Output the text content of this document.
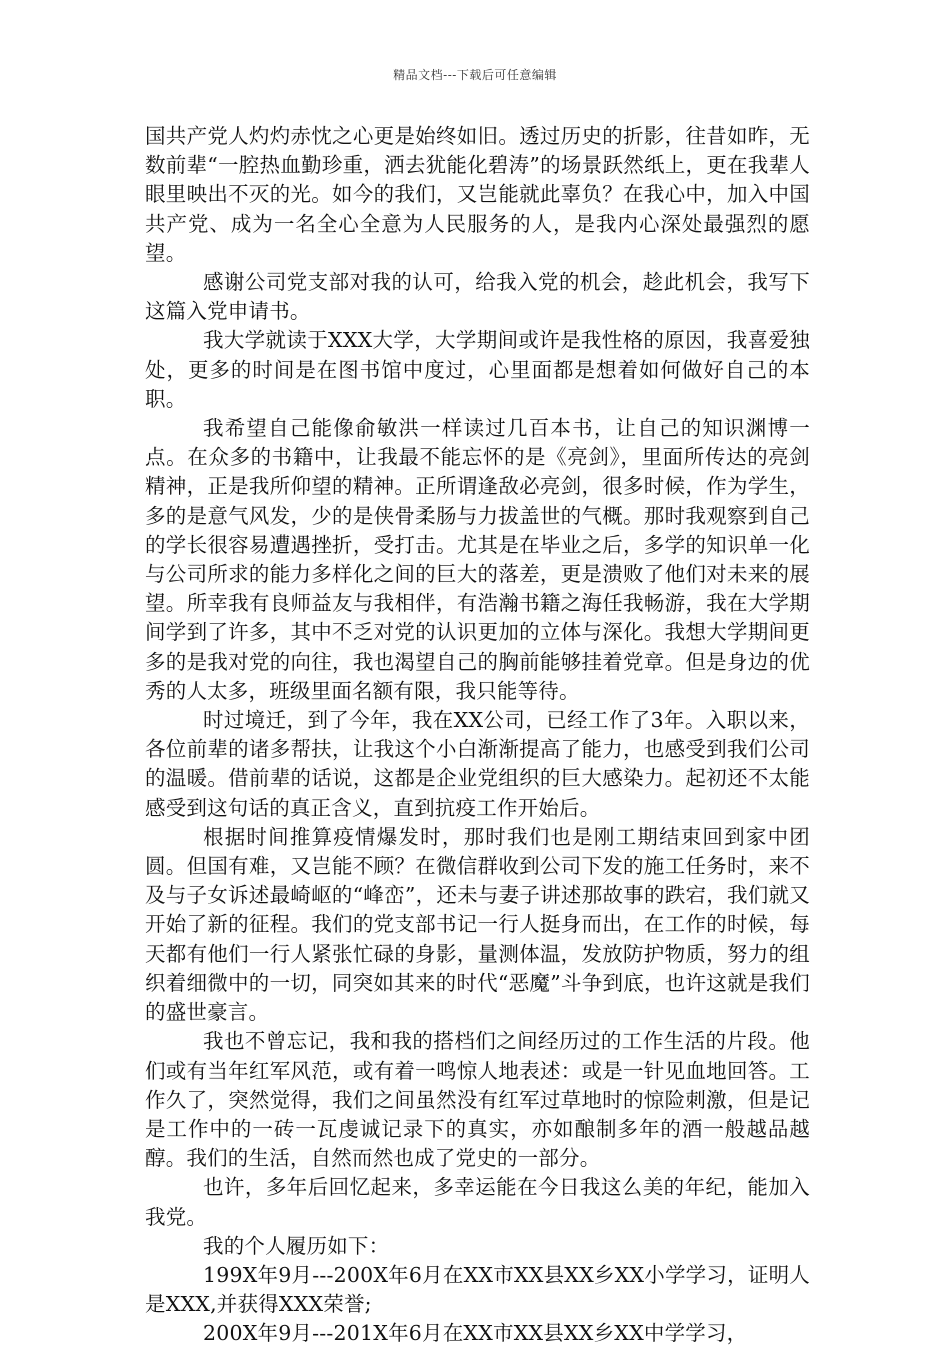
精品文档---下载后可任意编辑

国共产党人灼灼赤忱之心更是始终如旧。透过历史的折影，往昔如昨，无数前辈“一腔热血勤珍重，洒去犹能化碧涛”的场景跃然纸上，更在我辈人眼里映出不灭的光。如今的我们，又岂能就此辜负？在我心中，加入中国共产党、成为一名全心全意为人民服务的人，是我内心深处最强烈的愿望。

感谢公司党支部对我的认可，给我入党的机会，趁此机会，我写下这篇入党申请书。

我大学就读于XXX大学，大学期间或许是我性格的原因，我喜爱独处，更多的时间是在图书馆中度过，心里面都是想着如何做好自己的本职。

我希望自己能像俞敏洪一样读过几百本书，让自己的知识渊博一点。在众多的书籍中，让我最不能忘怀的是《亮剑》，里面所传达的亮剑精神，正是我所仰望的精神。正所谓逢敌必亮剑，很多时候，作为学生，多的是意气风发，少的是侠骨柔肠与力拔盖世的气概。那时我观察到自己的学长很容易遭遇挫折，受打击。尤其是在毕业之后，多学的知识单一化与公司所求的能力多样化之间的巨大的落差，更是溃败了他们对未来的展望。所幸我有良师益友与我相伴，有浩瀚书籍之海任我畅游，我在大学期间学到了许多，其中不乏对党的认识更加的立体与深化。我想大学期间更多的是我对党的向往，我也渴望自己的胸前能够挂着党章。但是身边的优秀的人太多，班级里面名额有限，我只能等待。

时过境迁，到了今年，我在XX公司，已经工作了3年。入职以来，各位前辈的诸多帮扶，让我这个小白渐渐提高了能力，也感受到我们公司的温暖。借前辈的话说，这都是企业党组织的巨大感染力。起初还不太能感受到这句话的真正含义，直到抗疫工作开始后。

根据时间推算疫情爆发时，那时我们也是刚工期结束回到家中团圆。但国有难，又岂能不顾？在微信群收到公司下发的施工任务时，来不及与子女诉述最崎岖的“峰峦”，还未与妻子讲述那故事的跌宕，我们就又开始了新的征程。我们的党支部书记一行人挺身而出，在工作的时候，每天都有他们一行人紧张忙碌的身影，量测体温，发放防护物质，努力的组织着细微中的一切，同突如其来的时代“恶魔”斗争到底，也许这就是我们的盛世豪言。

我也不曾忘记，我和我的搭档们之间经历过的工作生活的片段。他们或有当年红军风范，或有着一鸣惊人地表述：或是一针见血地回答。工作久了，突然觉得，我们之间虽然没有红军过草地时的惊险刺激，但是记是工作中的一砖一瓦虔诚记录下的真实，亦如酿制多年的酒一般越品越醇。我们的生活，自然而然也成了党史的一部分。

也许，多年后回忆起来，多幸运能在今日我这么美的年纪，能加入我党。

我的个人履历如下：

199X年9月---200X年6月在XX市XX县XX乡XX小学学习，证明人是XXX,并获得XXX荣誉;

200X年9月---201X年6月在XX市XX县XX乡XX中学学习，
